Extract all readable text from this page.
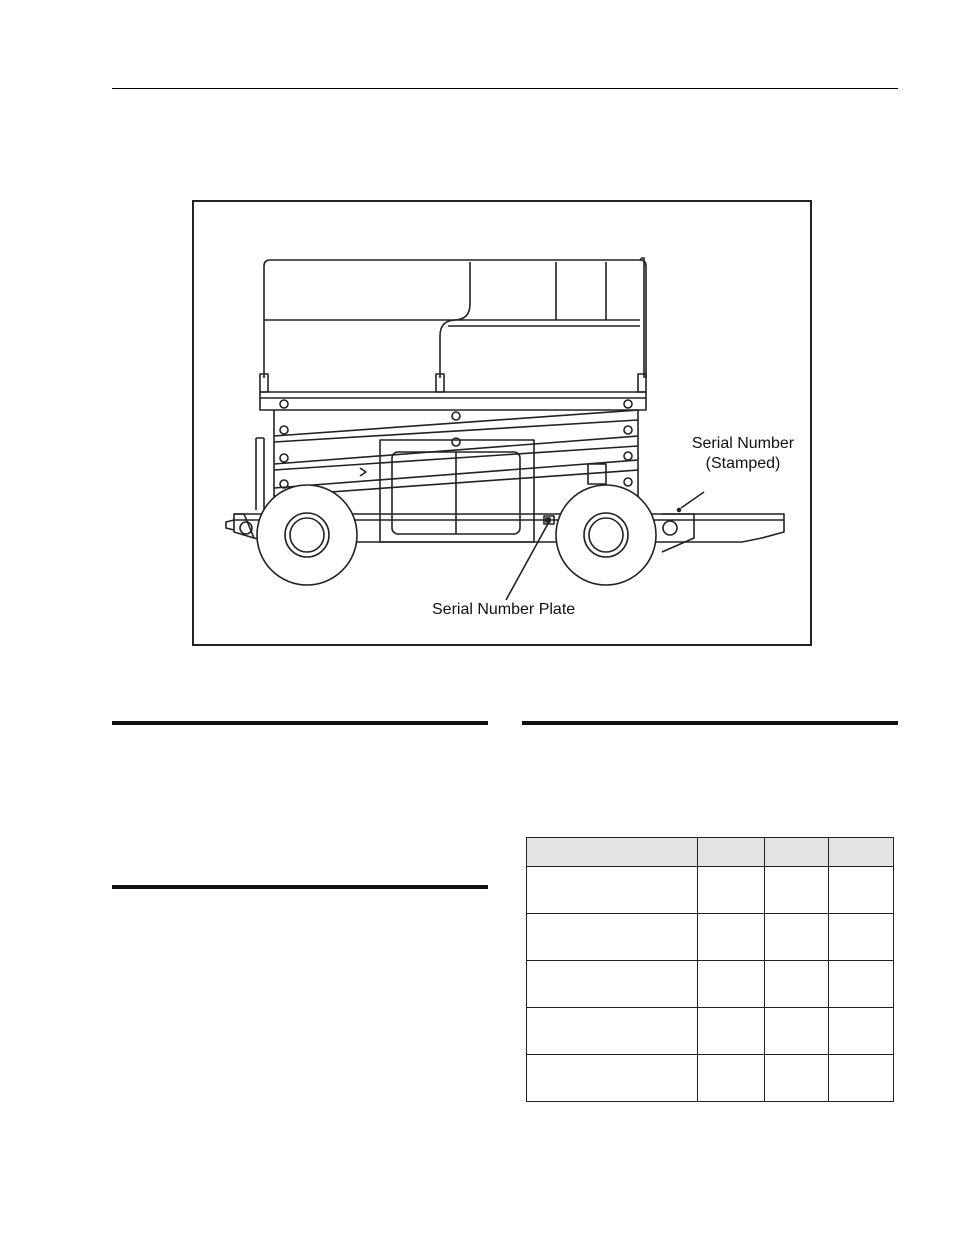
Serial Number
(Stamped)
Serial Number Plate
